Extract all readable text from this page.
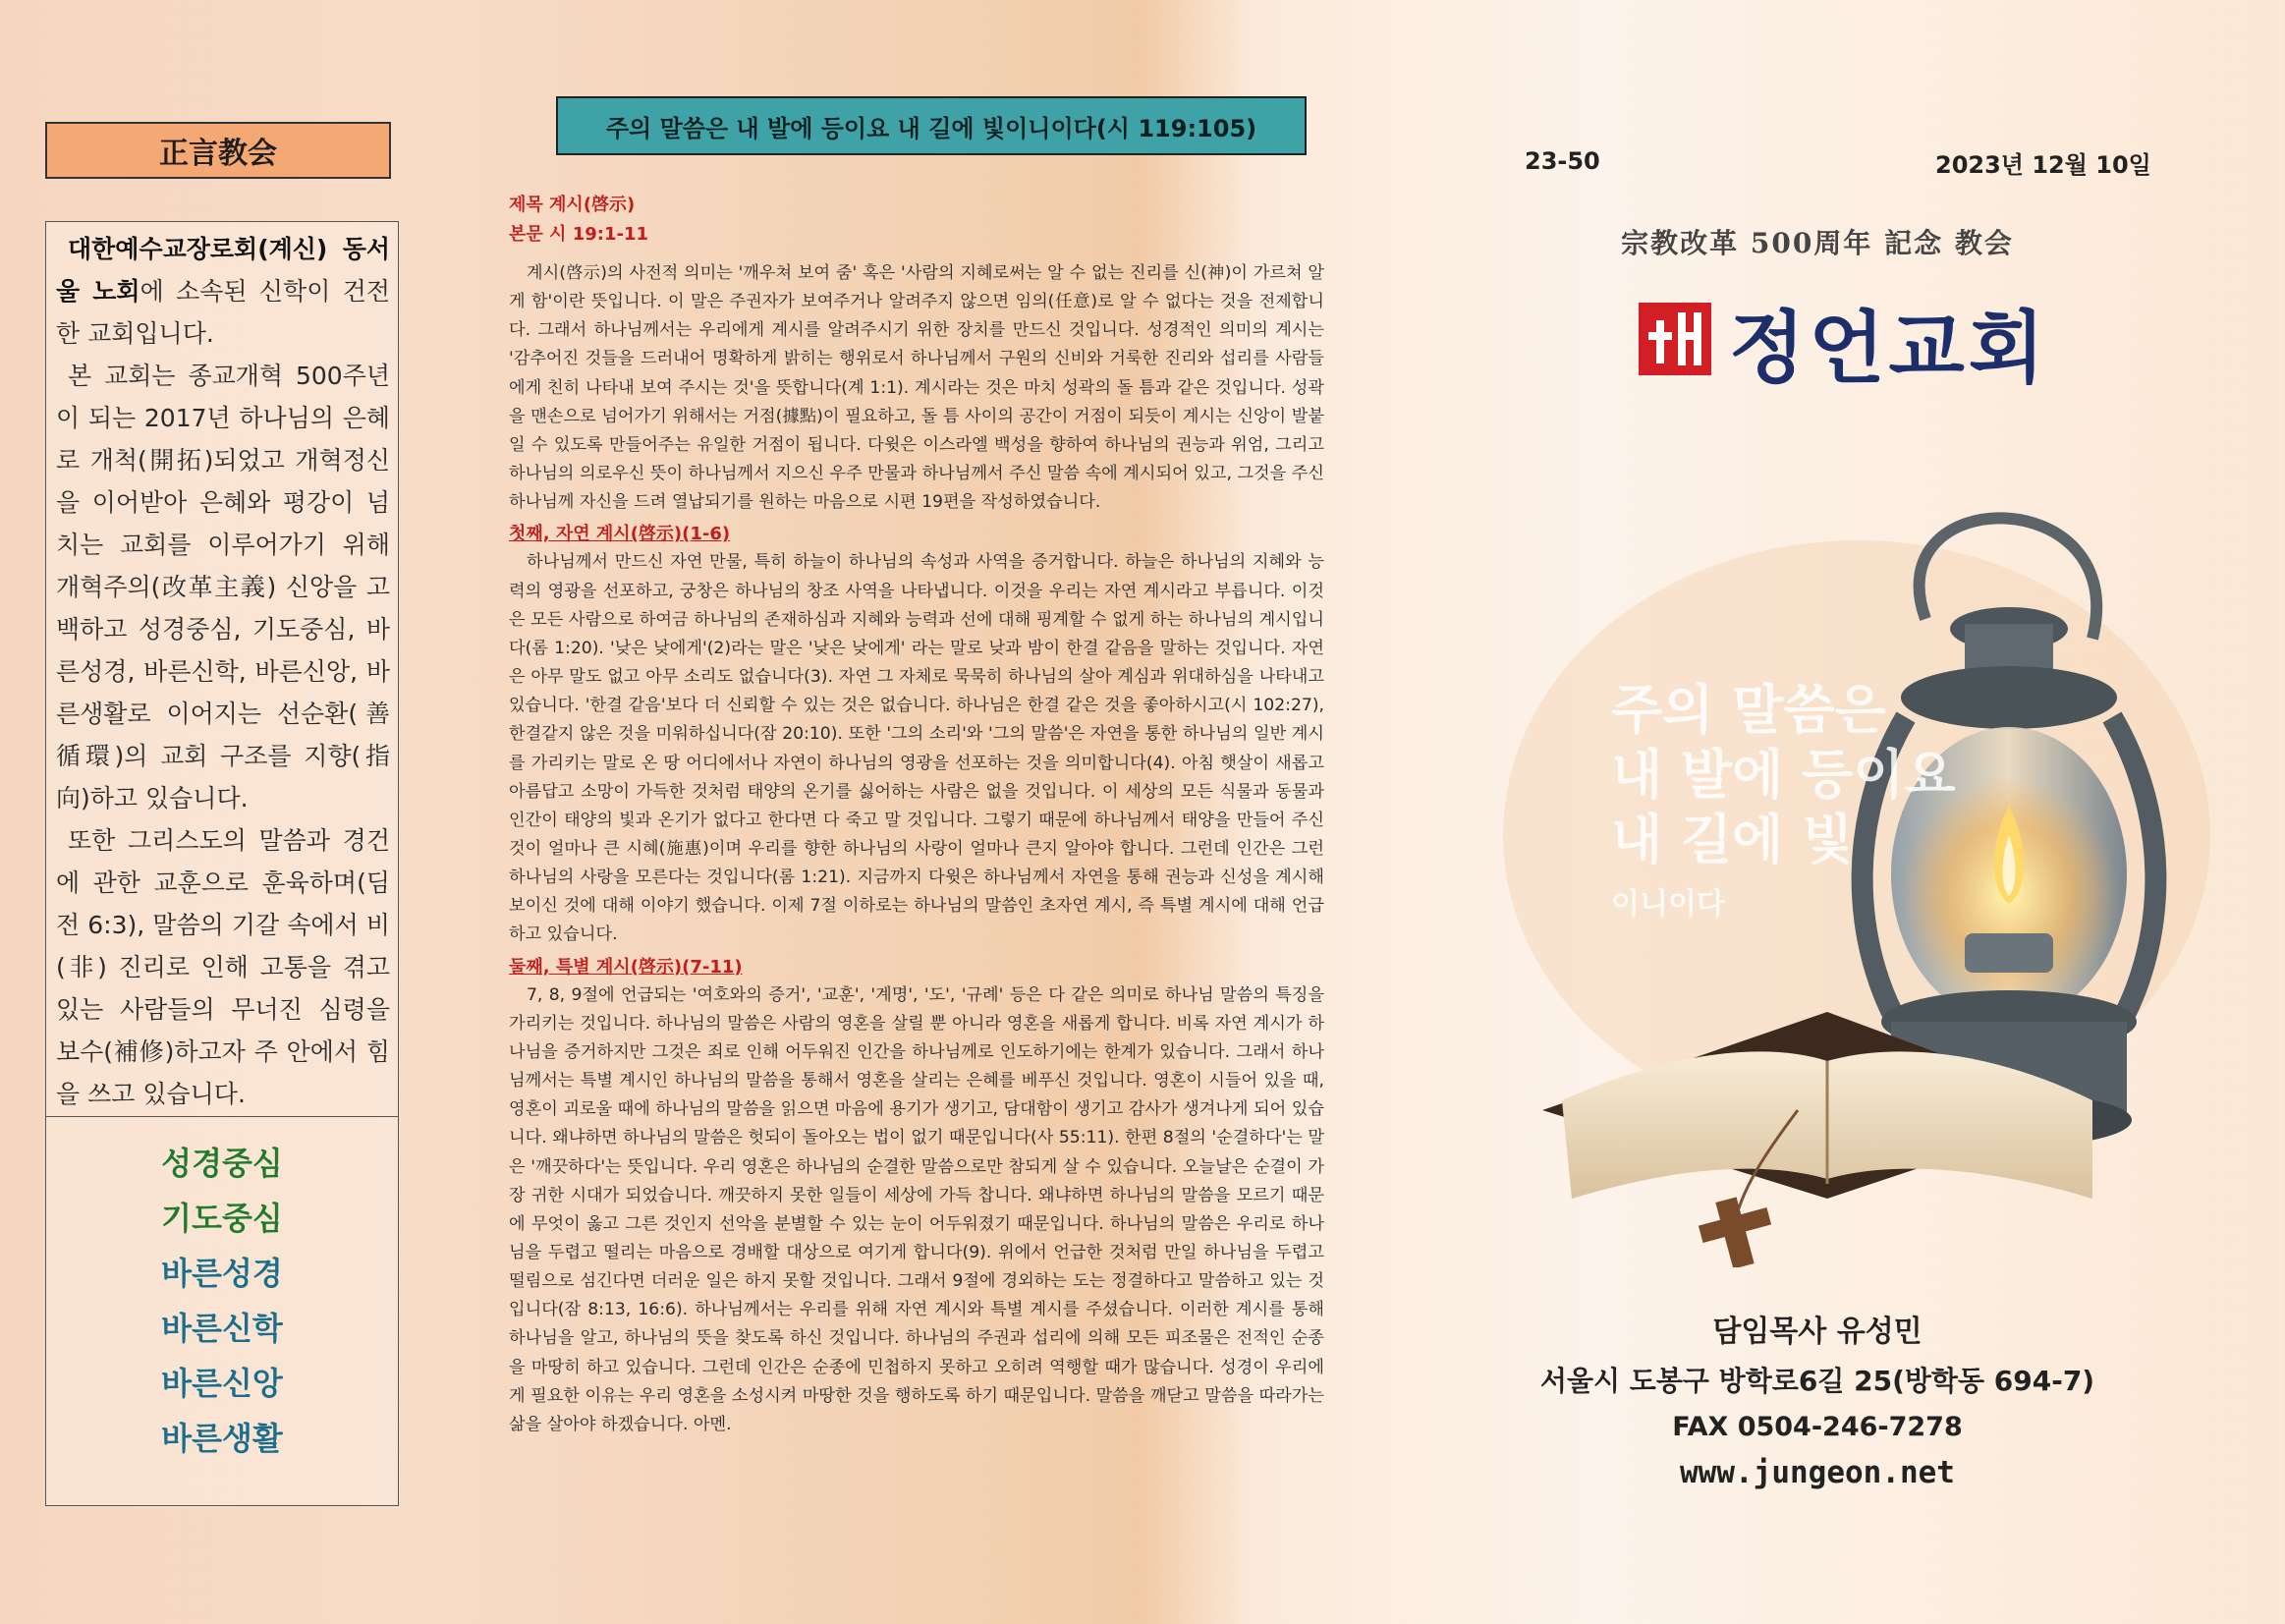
正言教会

대한예수교장로회(계신) 동서울 노회에 소속된 신학이 건전한 교회입니다.

본 교회는 종교개혁 500주년이 되는 2017년 하나님의 은혜로 개척(開拓)되었고 개혁정신을 이어받아 은혜와 평강이 넘치는 교회를 이루어가기 위해 개혁주의(改革主義) 신앙을 고백하고 성경중심, 기도중심, 바른성경, 바른신학, 바른신앙, 바른생활로 이어지는 선순환(善循環)의 교회 구조를 지향(指向)하고 있습니다.

또한 그리스도의 말씀과 경건에 관한 교훈으로 훈육하며(딤전 6:3), 말씀의 기갈 속에서 비(非) 진리로 인해 고통을 겪고 있는 사람들의 무너진 심령을 보수(補修)하고자 주 안에서 힘을 쓰고 있습니다.

성경중심
기도중심
바른성경
바른신학
바른신앙
바른생활
주의 말씀은 내 발에 등이요 내 길에 빛이니이다(시 119:105)
제목 계시(啓示)
본문 시 19:1-11

계시(啓示)의 사전적 의미는 '깨우쳐 보여 줌' 혹은 '사람의 지혜로써는 알 수 없는 진리를 신(神)이 가르쳐 알게 함'이란 뜻입니다. 이 말은 주권자가 보여주거나 알려주지 않으면 임의(任意)로 알 수 없다는 것을 전제합니다. 그래서 하나님께서는 우리에게 계시를 알려주시기 위한 장치를 만드신 것입니다. 성경적인 의미의 계시는 '감추어진 것들을 드러내어 명확하게 밝히는 행위로서 하나님께서 구원의 신비와 거룩한 진리와 섭리를 사람들에게 친히 나타내 보여 주시는 것'을 뜻합니다(계 1:1). 계시라는 것은 마치 성곽의 돌 틈과 같은 것입니다. 성곽을 맨손으로 넘어가기 위해서는 거점(據點)이 필요하고, 돌 틈 사이의 공간이 거점이 되듯이 계시는 신앙이 발붙일 수 있도록 만들어주는 유일한 거점이 됩니다. 다윗은 이스라엘 백성을 향하여 하나님의 권능과 위엄, 그리고 하나님의 의로우신 뜻이 하나님께서 지으신 우주 만물과 하나님께서 주신 말씀 속에 계시되어 있고, 그것을 주신 하나님께 자신을 드려 열납되기를 원하는 마음으로 시편 19편을 작성하였습니다.

첫째, 자연 계시(啓示)(1-6)

하나님께서 만드신 자연 만물, 특히 하늘이 하나님의 속성과 사역을 증거합니다. 하늘은 하나님의 지혜와 능력의 영광을 선포하고, 궁창은 하나님의 창조 사역을 나타냅니다. 이것을 우리는 자연 계시라고 부릅니다. 이것은 모든 사람으로 하여금 하나님의 존재하심과 지혜와 능력과 선에 대해 핑계할 수 없게 하는 하나님의 계시입니다(롬 1:20). '낮은 낮에게'(2)라는 말은 '낮은 낮에게' 라는 말로 낮과 밤이 한결 같음을 말하는 것입니다. 자연은 아무 말도 없고 아무 소리도 없습니다(3). 자연 그 자체로 묵묵히 하나님의 살아 계심과 위대하심을 나타내고 있습니다. '한결 같음'보다 더 신뢰할 수 있는 것은 없습니다. 하나님은 한결 같은 것을 좋아하시고(시 102:27), 한결같지 않은 것을 미워하십니다(잠 20:10). 또한 '그의 소리'와 '그의 말씀'은 자연을 통한 하나님의 일반 계시를 가리키는 말로 온 땅 어디에서나 자연이 하나님의 영광을 선포하는 것을 의미합니다(4). 아침 햇살이 새롭고 아름답고 소망이 가득한 것처럼 태양의 온기를 싫어하는 사람은 없을 것입니다. 이 세상의 모든 식물과 동물과 인간이 태양의 빛과 온기가 없다고 한다면 다 죽고 말 것입니다. 그렇기 때문에 하나님께서 태양을 만들어 주신 것이 얼마나 큰 시혜(施惠)이며 우리를 향한 하나님의 사랑이 얼마나 큰지 알아야 합니다. 그런데 인간은 그런 하나님의 사랑을 모른다는 것입니다(롬 1:21). 지금까지 다윗은 하나님께서 자연을 통해 권능과 신성을 계시해 보이신 것에 대해 이야기 했습니다. 이제 7절 이하로는 하나님의 말씀인 초자연 계시, 즉 특별 계시에 대해 언급하고 있습니다.

둘째, 특별 계시(啓示)(7-11)

7, 8, 9절에 언급되는 '여호와의 증거', '교훈', '계명', '도', '규례' 등은 다 같은 의미로 하나님 말씀의 특징을 가리키는 것입니다. 하나님의 말씀은 사람의 영혼을 살릴 뿐 아니라 영혼을 새롭게 합니다. 비록 자연 계시가 하나님을 증거하지만 그것은 죄로 인해 어두워진 인간을 하나님께로 인도하기에는 한계가 있습니다. 그래서 하나님께서는 특별 계시인 하나님의 말씀을 통해서 영혼을 살리는 은혜를 베푸신 것입니다. 영혼이 시들어 있을 때, 영혼이 괴로울 때에 하나님의 말씀을 읽으면 마음에 용기가 생기고, 담대함이 생기고 감사가 생겨나게 되어 있습니다. 왜냐하면 하나님의 말씀은 헛되이 돌아오는 법이 없기 때문입니다(사 55:11). 한편 8절의 '순결하다'는 말은 '깨끗하다'는 뜻입니다. 우리 영혼은 하나님의 순결한 말씀으로만 참되게 살 수 있습니다. 오늘날은 순결이 가장 귀한 시대가 되었습니다. 깨끗하지 못한 일들이 세상에 가득 찹니다. 왜냐하면 하나님의 말씀을 모르기 때문에 무엇이 옳고 그른 것인지 선악을 분별할 수 있는 눈이 어두워졌기 때문입니다. 하나님의 말씀은 우리로 하나님을 두렵고 떨리는 마음으로 경배할 대상으로 여기게 합니다(9). 위에서 언급한 것처럼 만일 하나님을 두렵고 떨림으로 섬긴다면 더러운 일은 하지 못할 것입니다. 그래서 9절에 경외하는 도는 정결하다고 말씀하고 있는 것입니다(잠 8:13, 16:6). 하나님께서는 우리를 위해 자연 계시와 특별 계시를 주셨습니다. 이러한 계시를 통해 하나님을 알고, 하나님의 뜻을 찾도록 하신 것입니다. 하나님의 주권과 섭리에 의해 모든 피조물은 전적인 순종을 마땅히 하고 있습니다. 그런데 인간은 순종에 민첩하지 못하고 오히려 역행할 때가 많습니다. 성경이 우리에게 필요한 이유는 우리 영혼을 소성시켜 마땅한 것을 행하도록 하기 때문입니다. 말씀을 깨닫고 말씀을 따라가는 삶을 살아야 하겠습니다. 아멘.

23-50	2023년 12월 10일
宗教改革 500周年 記念 教会
정언교회
주의 말씀은
내 발에 등이요
내 길에 빛
이니이다
담임목사 유성민
서울시 도봉구 방학로6길 25(방학동 694-7)
FAX 0504-246-7278
www.jungeon.net
